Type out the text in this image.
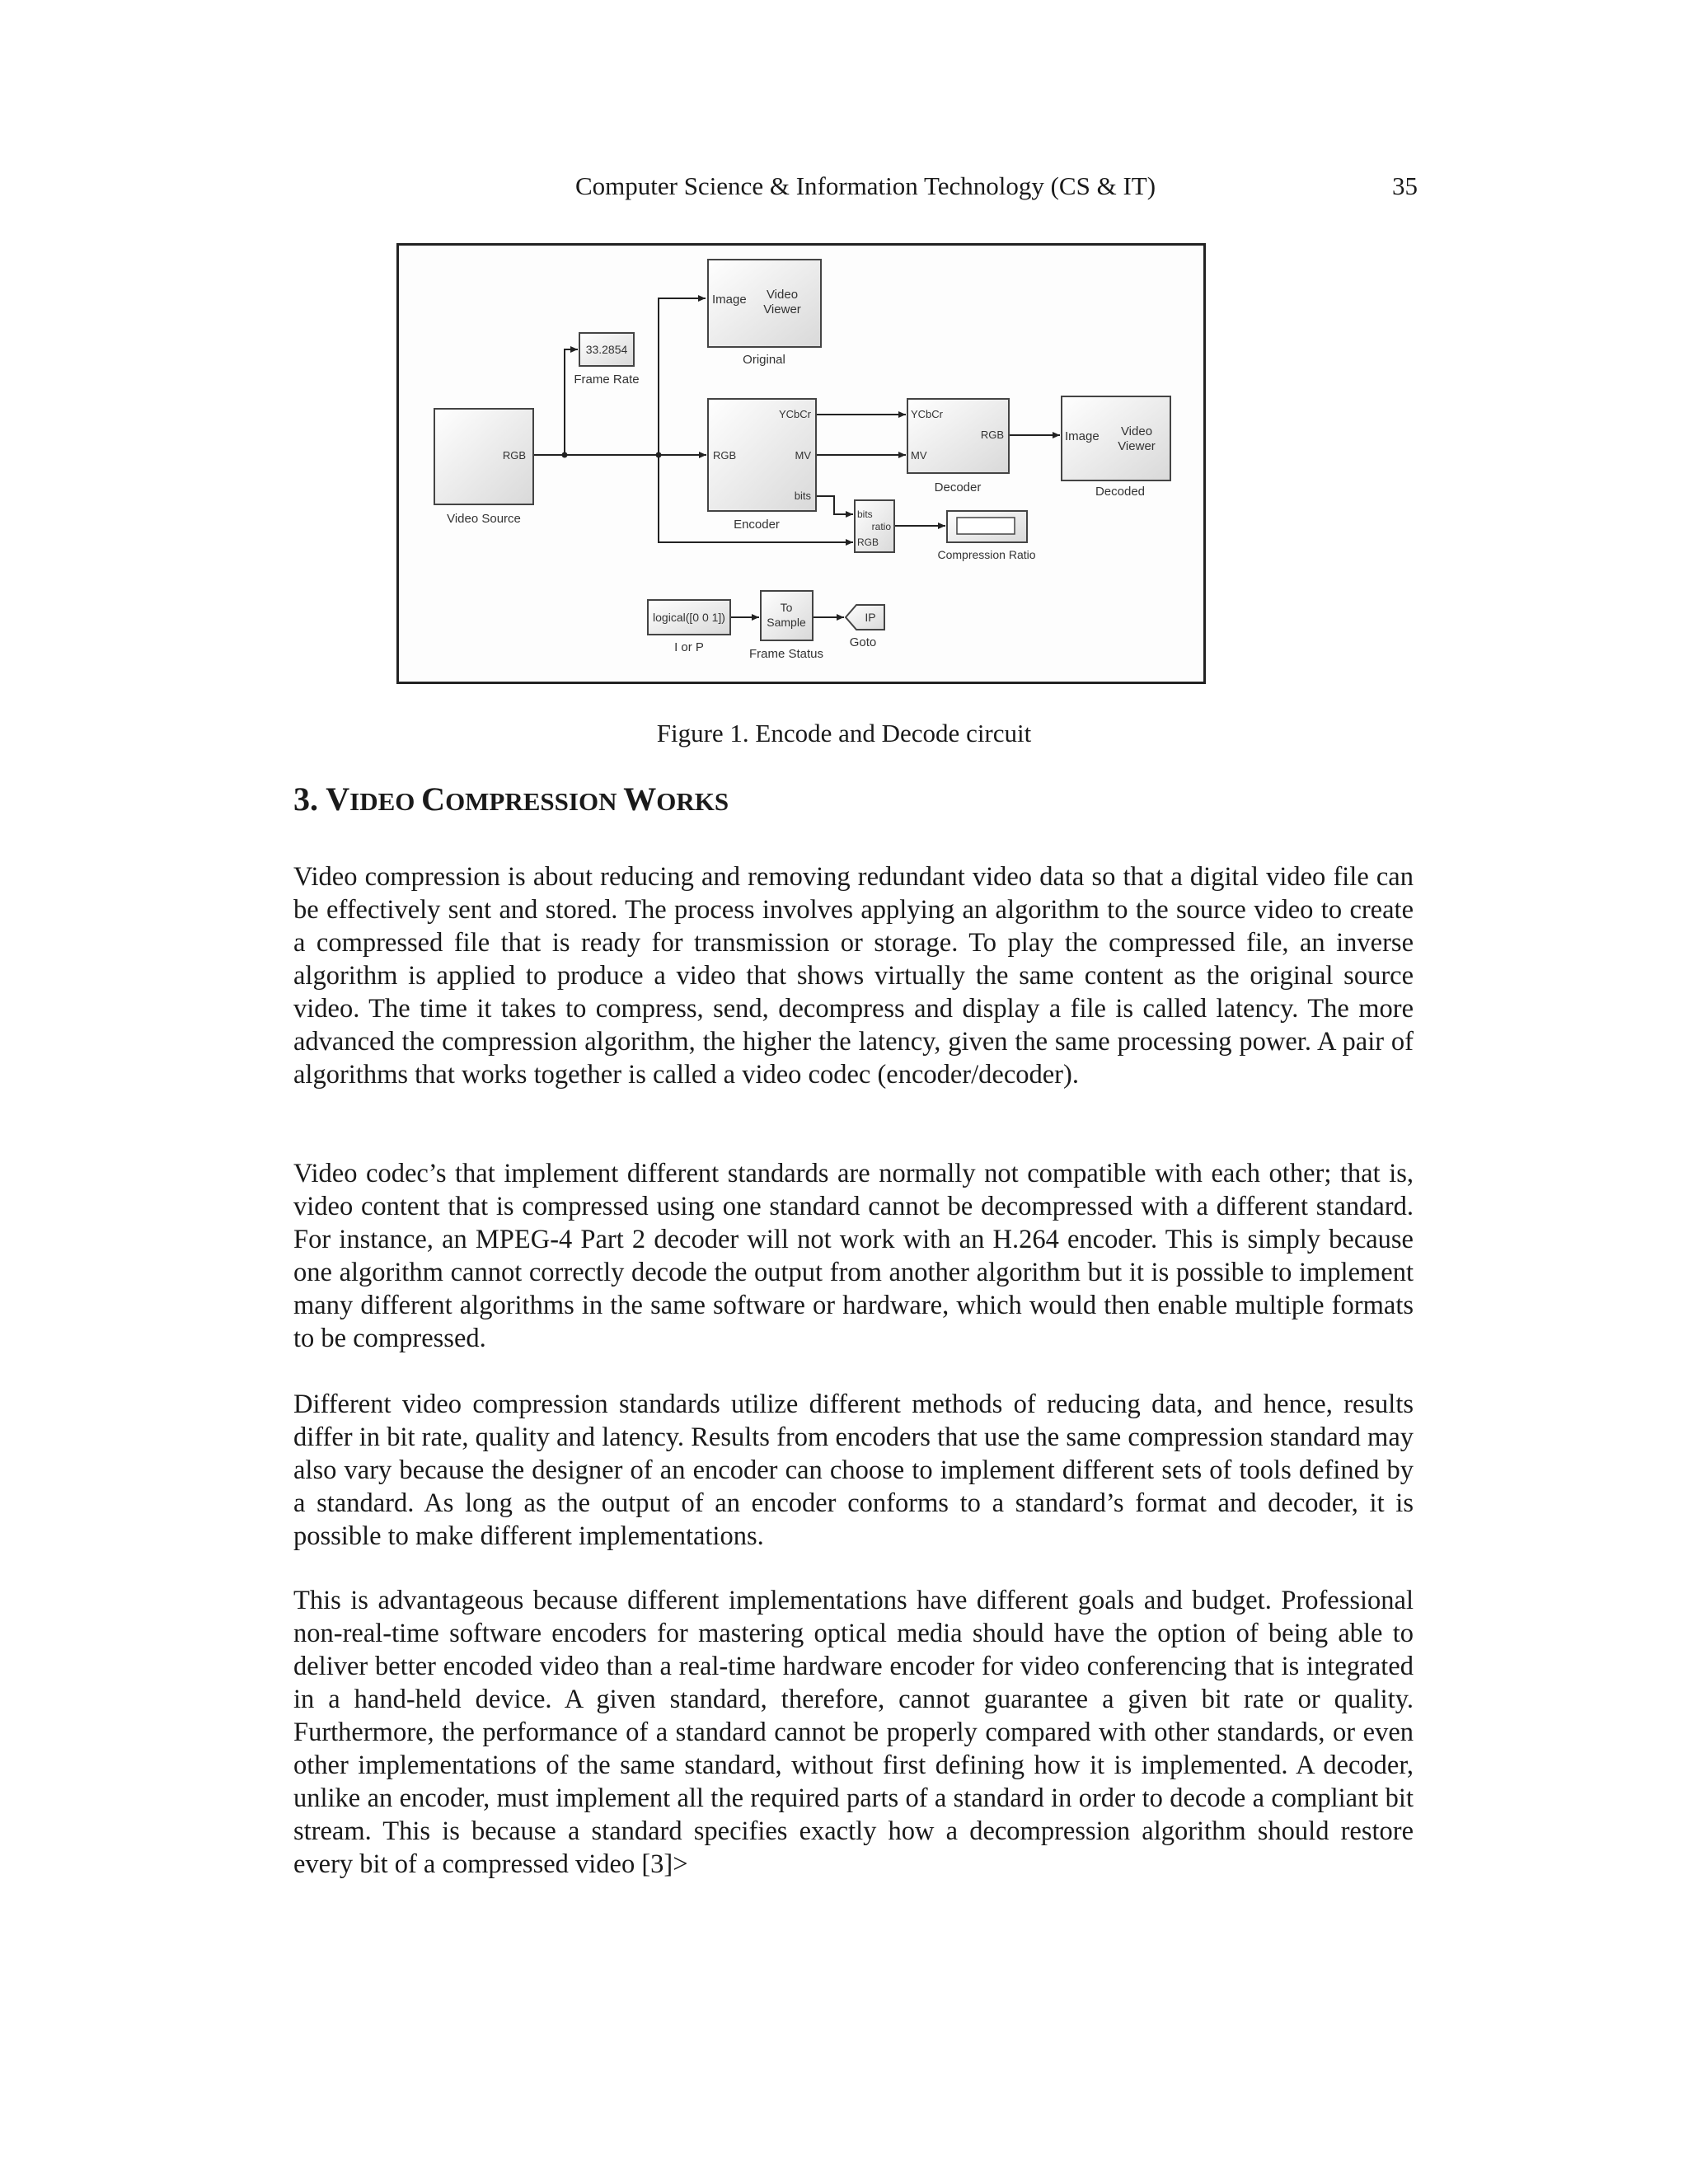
Computer Science & Information Technology (CS & IT)	35
RGB
Video Source
33.2854
Frame Rate
Image Video
Viewer
Original
RGB
YCbCr
MV
bits
Encoder
YCbCr
MV
RGB
Decoder
Image Video
Viewer
Decoded
bits
ratio
RGB
Compression Ratio
logical([0 0 1])
I or P
To
Sample
Frame Status
IP
Goto
Figure 1. Encode and Decode circuit
3. VIDEO COMPRESSION WORKS

Video compression is about reducing and removing redundant video data so that a digital video file can be effectively sent and stored. The process involves applying an algorithm to the source video to create a compressed file that is ready for transmission or storage. To play the compressed file, an inverse algorithm is applied to produce a video that shows virtually the same content as the original source video. The time it takes to compress, send, decompress and display a file is called latency. The more advanced the compression algorithm, the higher the latency, given the same processing power. A pair of algorithms that works together is called a video codec (encoder/decoder).

Video codec’s that implement different standards are normally not compatible with each other; that is, video content that is compressed using one standard cannot be decompressed with a different standard. For instance, an MPEG-4 Part 2 decoder will not work with an H.264 encoder. This is simply because one algorithm cannot correctly decode the output from another algorithm but it is possible to implement many different algorithms in the same software or hardware, which would then enable multiple formats to be compressed.

Different video compression standards utilize different methods of reducing data, and hence, results differ in bit rate, quality and latency. Results from encoders that use the same compression standard may also vary because the designer of an encoder can choose to implement different sets of tools defined by a standard. As long as the output of an encoder conforms to a standard’s format and decoder, it is possible to make different implementations.

This is advantageous because different implementations have different goals and budget. Professional non-real-time software encoders for mastering optical media should have the option of being able to deliver better encoded video than a real-time hardware encoder for video conferencing that is integrated in a hand-held device. A given standard, therefore, cannot guarantee a given bit rate or quality. Furthermore, the performance of a standard cannot be properly compared with other standards, or even other implementations of the same standard, without first defining how it is implemented. A decoder, unlike an encoder, must implement all the required parts of a standard in order to decode a compliant bit stream. This is because a standard specifies exactly how a decompression algorithm should restore every bit of a compressed video [3]>
